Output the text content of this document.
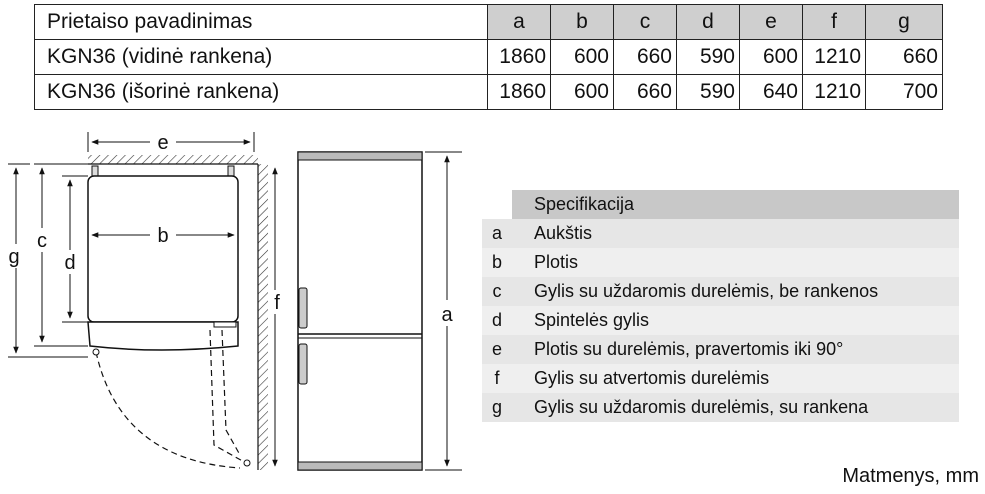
Prietaiso pavadinimas	a	b	c	d	e	f	g
KGN36 (vidinė rankena)	1860	600	660	590	600	1210	660
KGN36 (išorinė rankena)	1860	600	660	590	640	1210	700
e
b
d
c
g
f
a
Specifikacija
a	Aukštis
b	Plotis
c	Gylis su uždaromis durelėmis, be rankenos
d	Spintelės gylis
e	Plotis su durelėmis, pravertomis iki 90°
f	Gylis su atvertomis durelėmis
g	Gylis su uždaromis durelėmis, su rankena
Matmenys, mm
